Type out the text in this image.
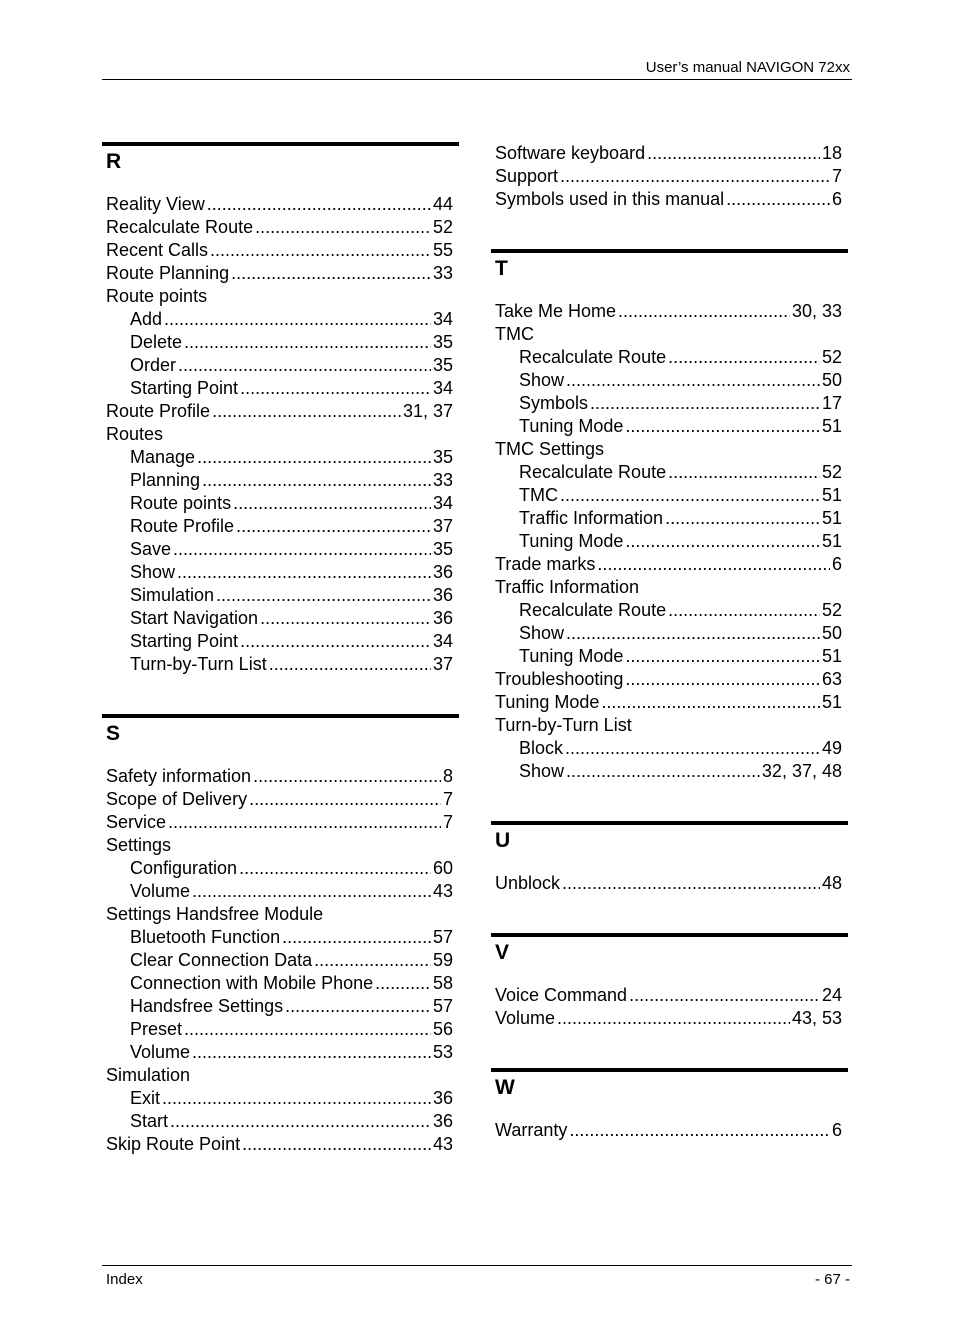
User’s manual NAVIGON 72xx
R
Reality View .....	44
Recalculate Route .....	52
Recent Calls .....	55
Route Planning .....	33
Route points
Add .....	34
Delete .....	35
Order .....	35
Starting Point .....	34
Route Profile .....	31, 37
Routes
Manage .....	35
Planning .....	33
Route points .....	34
Route Profile .....	37
Save .....	35
Show .....	36
Simulation .....	36
Start Navigation .....	36
Starting Point .....	34
Turn-by-Turn List .....	37
S
Safety information .....	8
Scope of Delivery .....	7
Service .....	7
Settings
Configuration .....	60
Volume .....	43
Settings Handsfree Module
Bluetooth Function .....	57
Clear Connection Data .....	59
Connection with Mobile Phone .....	58
Handsfree Settings .....	57
Preset .....	56
Volume .....	53
Simulation
Exit .....	36
Start .....	36
Skip Route Point .....	43
Software keyboard .....	18
Support .....	7
Symbols used in this manual .....	6
T
Take Me Home .....	30, 33
TMC
Recalculate Route .....	52
Show .....	50
Symbols .....	17
Tuning Mode .....	51
TMC Settings
Recalculate Route .....	52
TMC .....	51
Traffic Information .....	51
Tuning Mode .....	51
Trade marks .....	6
Traffic Information
Recalculate Route .....	52
Show .....	50
Tuning Mode .....	51
Troubleshooting .....	63
Tuning Mode .....	51
Turn-by-Turn List
Block .....	49
Show .....	32, 37, 48
U
Unblock .....	48
V
Voice Command .....	24
Volume .....	43, 53
W
Warranty .....	6
Index	- 67 -
